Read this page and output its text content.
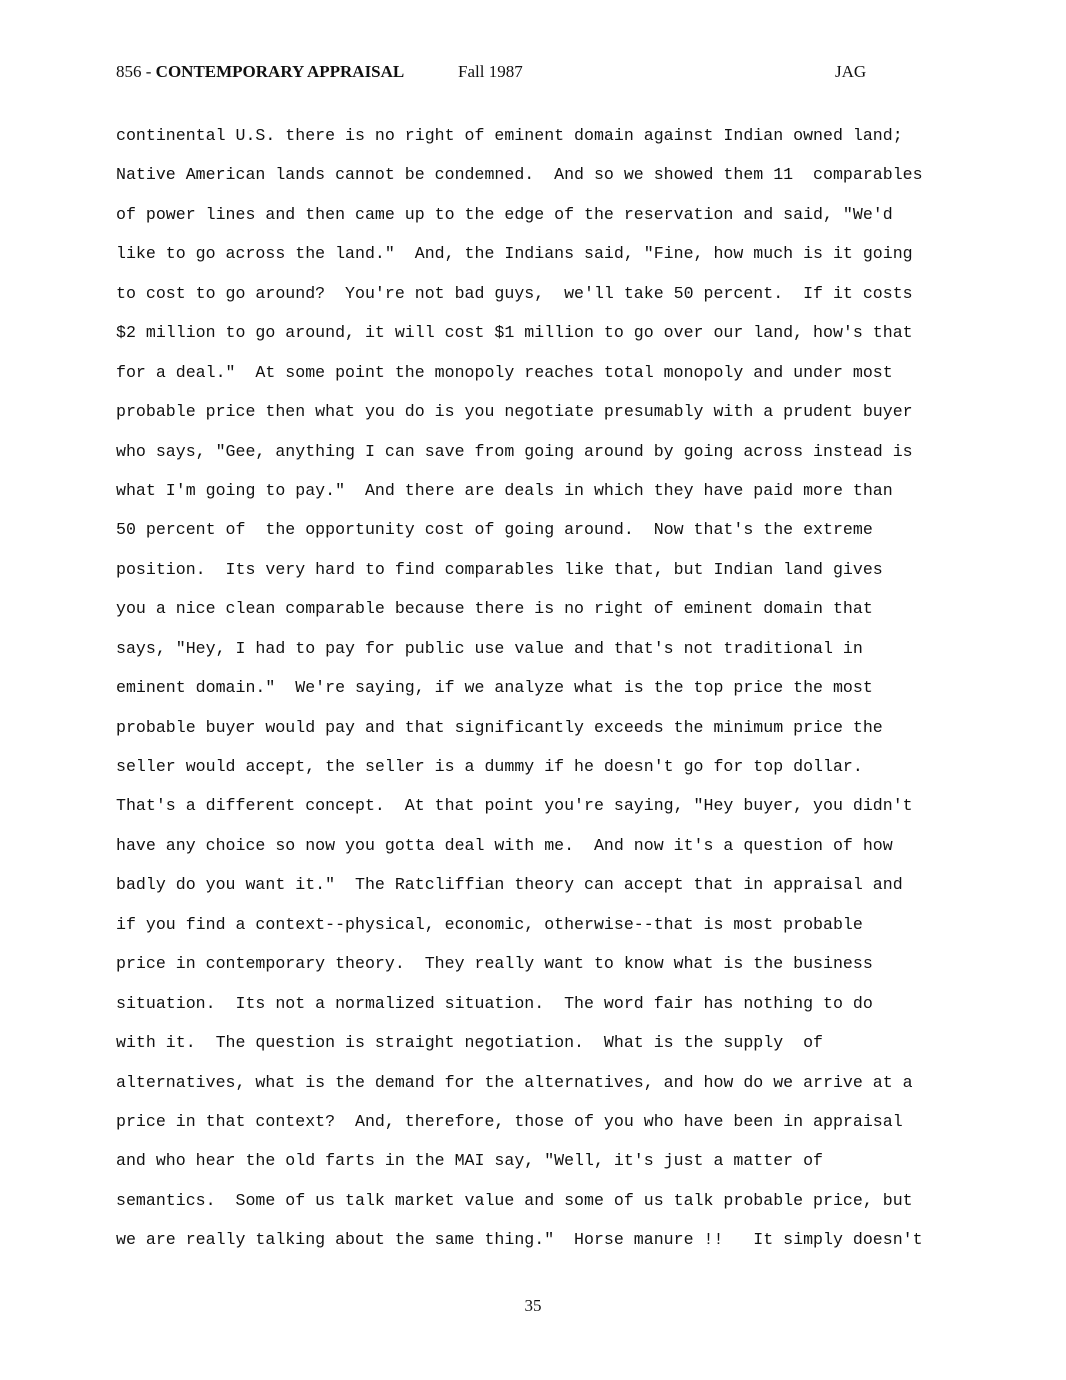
856 - CONTEMPORARY APPRAISAL	Fall 1987	JAG
continental U.S. there is no right of eminent domain against Indian owned land;
Native American lands cannot be condemned.  And so we showed them 11  comparables
of power lines and then came up to the edge of the reservation and said, "We'd
like to go across the land."  And, the Indians said, "Fine, how much is it going
to cost to go around?  You're not bad guys,  we'll take 50 percent.  If it costs
$2 million to go around, it will cost $1 million to go over our land, how's that
for a deal."  At some point the monopoly reaches total monopoly and under most
probable price then what you do is you negotiate presumably with a prudent buyer
who says, "Gee, anything I can save from going around by going across instead is
what I'm going to pay."  And there are deals in which they have paid more than
50 percent of  the opportunity cost of going around.  Now that's the extreme
position.  Its very hard to find comparables like that, but Indian land gives
you a nice clean comparable because there is no right of eminent domain that
says, "Hey, I had to pay for public use value and that's not traditional in
eminent domain."  We're saying, if we analyze what is the top price the most
probable buyer would pay and that significantly exceeds the minimum price the
seller would accept, the seller is a dummy if he doesn't go for top dollar.
That's a different concept.  At that point you're saying, "Hey buyer, you didn't
have any choice so now you gotta deal with me.  And now it's a question of how
badly do you want it."  The Ratcliffian theory can accept that in appraisal and
if you find a context--physical, economic, otherwise--that is most probable
price in contemporary theory.  They really want to know what is the business
situation.  Its not a normalized situation.  The word fair has nothing to do
with it.  The question is straight negotiation.  What is the supply  of
alternatives, what is the demand for the alternatives, and how do we arrive at a
price in that context?  And, therefore, those of you who have been in appraisal
and who hear the old farts in the MAI say, "Well, it's just a matter of
semantics.  Some of us talk market value and some of us talk probable price, but
we are really talking about the same thing."  Horse manure !!   It simply doesn't
35
